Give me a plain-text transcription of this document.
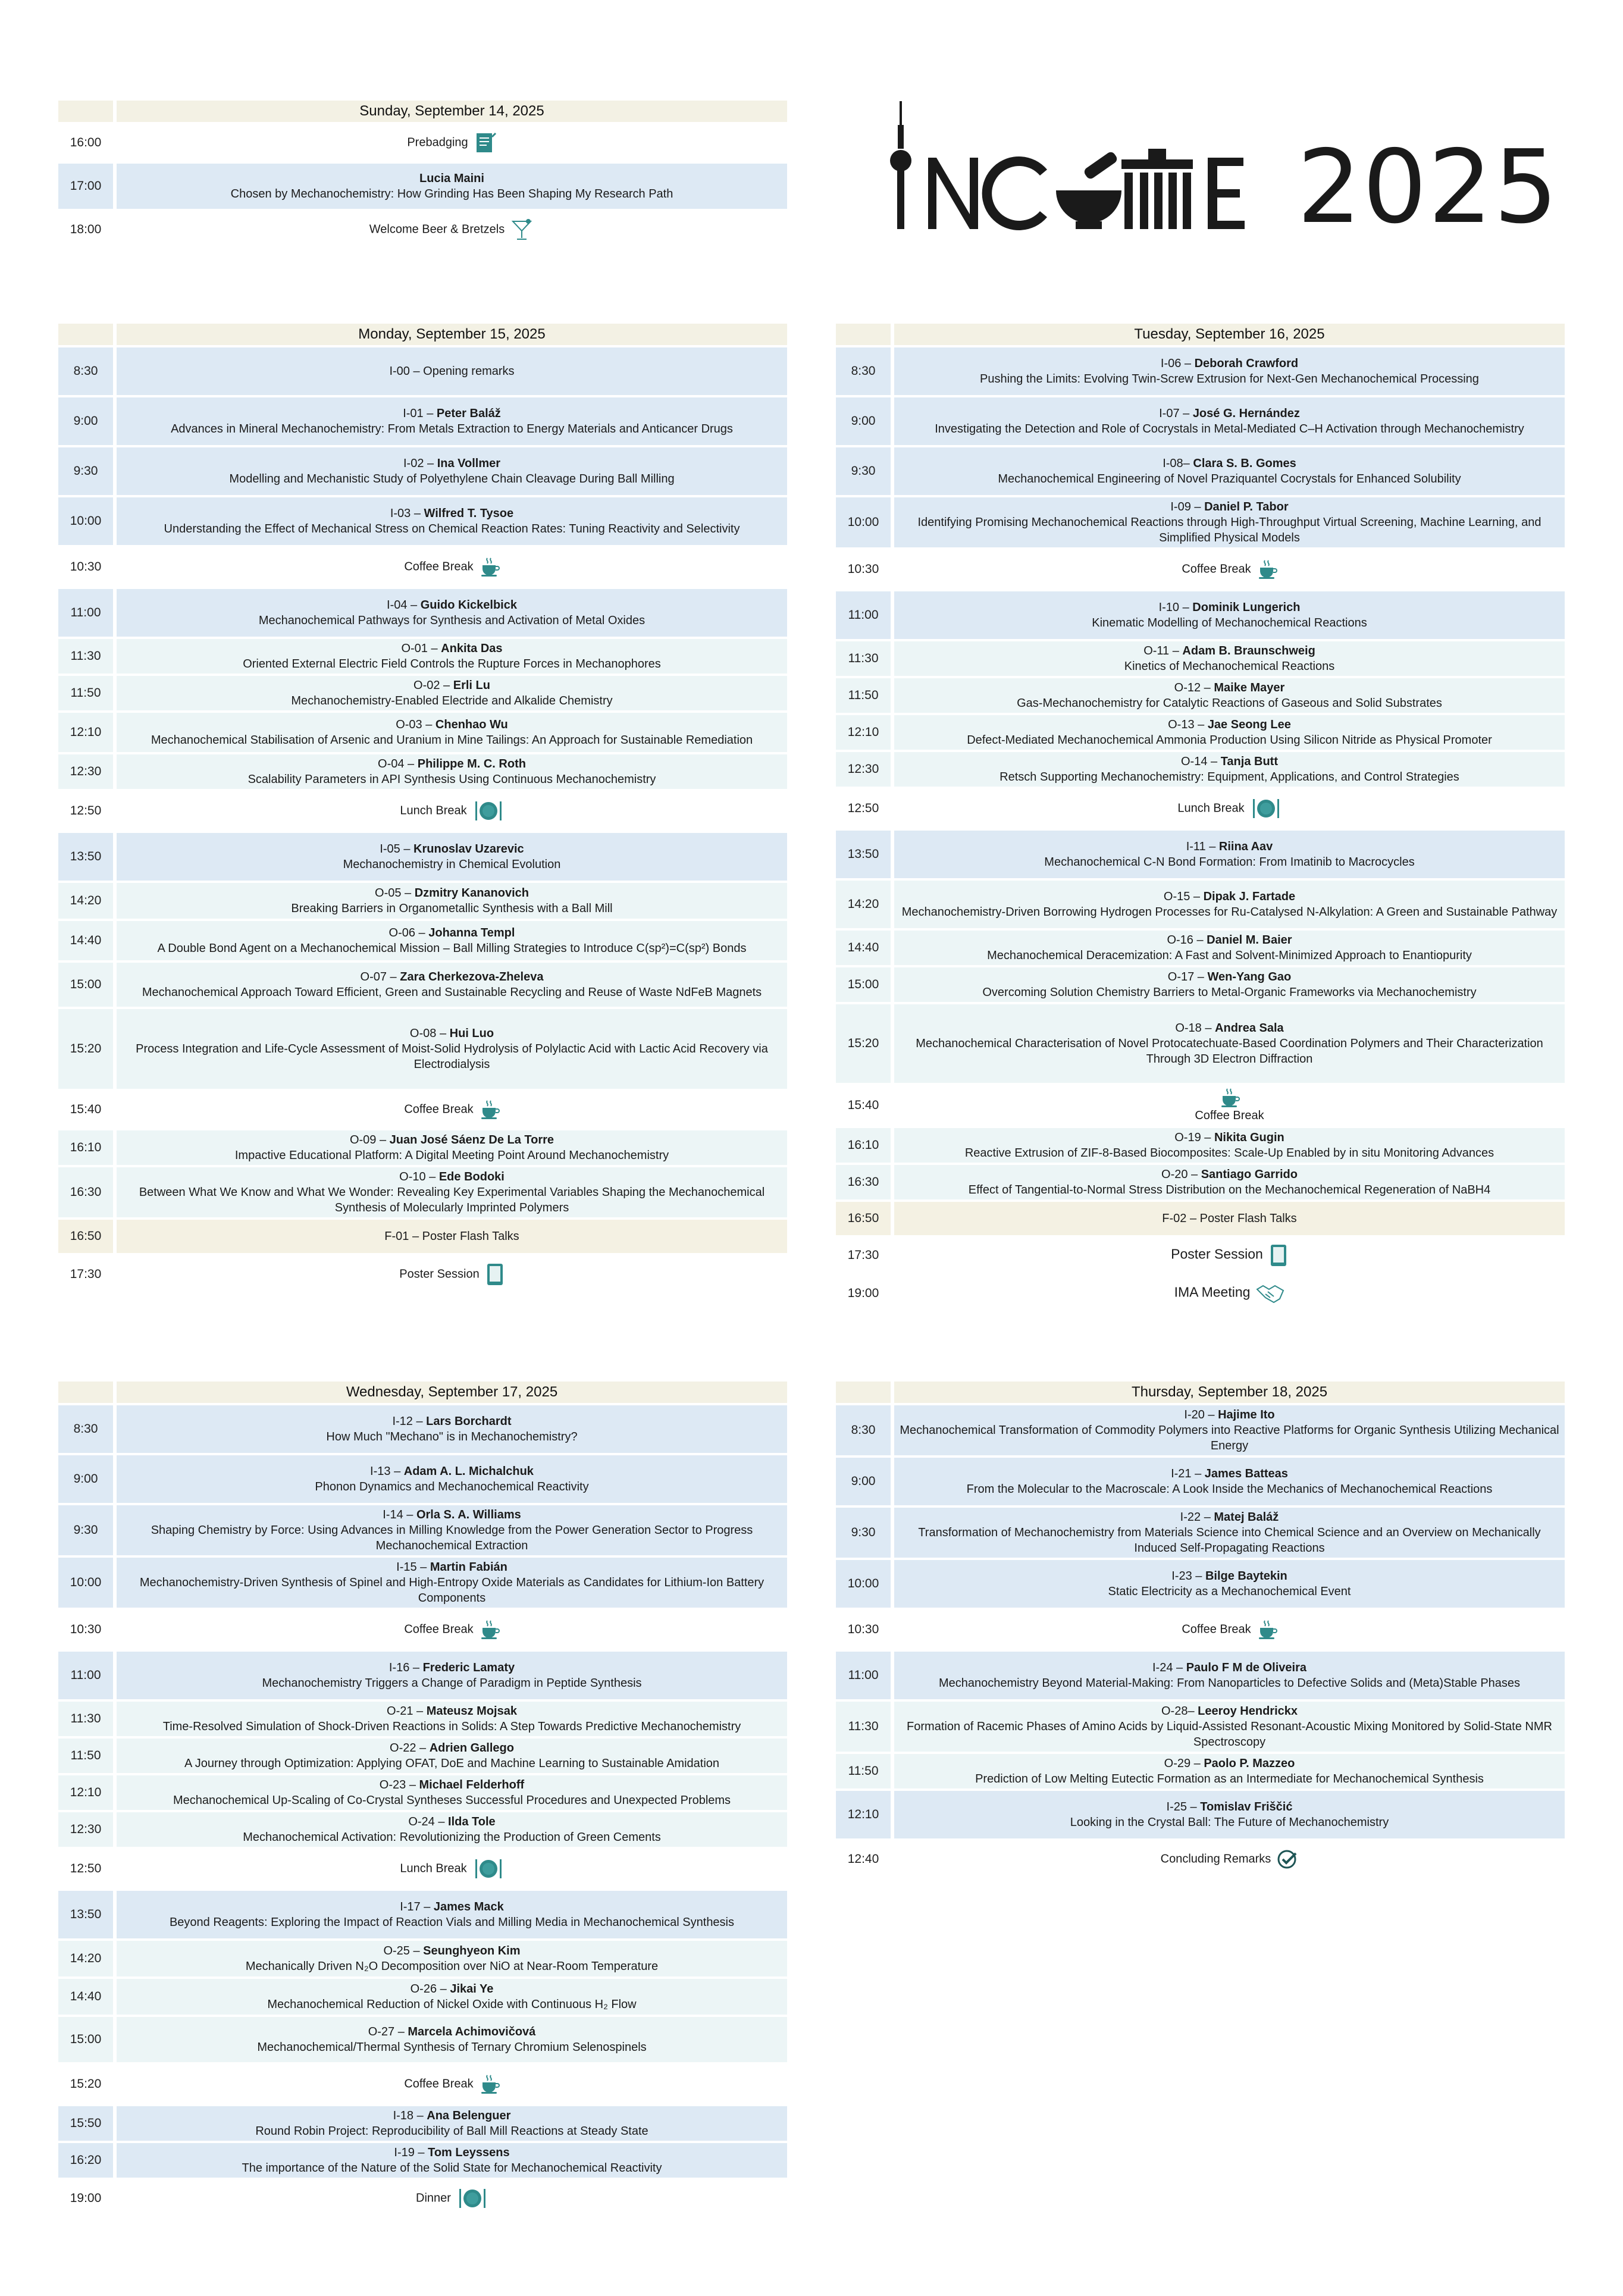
2025
	Sunday, September 14, 2025
16:00	Prebadging

17:00	Lucia Maini
Chosen by Mechanochemistry: How Grinding Has Been Shaping My Research Path

18:00	Welcome Beer & Bretzels
	Monday, September 15, 2025
8:30	I-00 – Opening remarks
9:00	I-01 – Peter Baláž
Advances in Mineral Mechanochemistry: From Metals Extraction to Energy Materials and Anticancer Drugs

9:30	I-02 – Ina Vollmer
Modelling and Mechanistic Study of Polyethylene Chain Cleavage During Ball Milling

10:00	I-03 – Wilfred T. Tysoe
Understanding the Effect of Mechanical Stress on Chemical Reaction Rates: Tuning Reactivity and Selectivity

10:30	Coffee Break

11:00	I-04 – Guido Kickelbick
Mechanochemical Pathways for Synthesis and Activation of Metal Oxides

11:30	O-01 – Ankita Das
Oriented External Electric Field Controls the Rupture Forces in Mechanophores

11:50	O-02 – Erli Lu
Mechanochemistry-Enabled Electride and Alkalide Chemistry

12:10	O-03 – Chenhao Wu
Mechanochemical Stabilisation of Arsenic and Uranium in Mine Tailings: An Approach for Sustainable Remediation

12:30	O-04 – Philippe M. C. Roth
Scalability Parameters in API Synthesis Using Continuous Mechanochemistry

12:50	Lunch Break

13:50	I-05 – Krunoslav Uzarevic
Mechanochemistry in Chemical Evolution

14:20	O-05 – Dzmitry Kananovich
Breaking Barriers in Organometallic Synthesis with a Ball Mill

14:40	O-06 – Johanna Templ
A Double Bond Agent on a Mechanochemical Mission – Ball Milling Strategies to Introduce C(sp²)=C(sp²) Bonds

15:00	O-07 – Zara Cherkezova-Zheleva
Mechanochemical Approach Toward Efficient, Green and Sustainable Recycling and Reuse of Waste NdFeB Magnets

15:20	O-08 – Hui Luo
Process Integration and Life-Cycle Assessment of Moist-Solid Hydrolysis of Polylactic Acid with Lactic Acid Recovery via Electrodialysis

15:40	Coffee Break

16:10	O-09 – Juan José Sáenz De La Torre
Impactive Educational Platform: A Digital Meeting Point Around Mechanochemistry

16:30	O-10 – Ede Bodoki
Between What We Know and What We Wonder: Revealing Key Experimental Variables Shaping the Mechanochemical Synthesis of Molecularly Imprinted Polymers

16:50	F-01 – Poster Flash Talks
17:30	Poster Session
	Tuesday, September 16, 2025
8:30	I-06 – Deborah Crawford
Pushing the Limits: Evolving Twin-Screw Extrusion for Next-Gen Mechanochemical Processing

9:00	I-07 – José G. Hernández
Investigating the Detection and Role of Cocrystals in Metal-Mediated C–H Activation through Mechanochemistry

9:30	I-08– Clara S. B. Gomes
Mechanochemical Engineering of Novel Praziquantel Cocrystals for Enhanced Solubility

10:00	I-09 – Daniel P. Tabor
Identifying Promising Mechanochemical Reactions through High-Throughput Virtual Screening, Machine Learning, and Simplified Physical Models

10:30	Coffee Break

11:00	I-10 – Dominik Lungerich
Kinematic Modelling of Mechanochemical Reactions

11:30	O-11 – Adam B. Braunschweig
Kinetics of Mechanochemical Reactions

11:50	O-12 – Maike Mayer
Gas-Mechanochemistry for Catalytic Reactions of Gaseous and Solid Substrates

12:10	O-13 – Jae Seong Lee
Defect-Mediated Mechanochemical Ammonia Production Using Silicon Nitride as Physical Promoter

12:30	O-14 – Tanja Butt
Retsch Supporting Mechanochemistry: Equipment, Applications, and Control Strategies

12:50	Lunch Break

13:50	I-11 – Riina Aav
Mechanochemical C-N Bond Formation: From Imatinib to Macrocycles

14:20	O-15 – Dipak J. Fartade
Mechanochemistry-Driven Borrowing Hydrogen Processes for Ru-Catalysed N-Alkylation: A Green and Sustainable Pathway

14:40	O-16 – Daniel M. Baier
Mechanochemical Deracemization: A Fast and Solvent-Minimized Approach to Enantiopurity

15:00	O-17 – Wen-Yang Gao
Overcoming Solution Chemistry Barriers to Metal-Organic Frameworks via Mechanochemistry

15:20	O-18 – Andrea Sala
Mechanochemical Characterisation of Novel Protocatechuate-Based Coordination Polymers and Their Characterization Through 3D Electron Diffraction

15:40	Coffee Break
16:10	O-19 – Nikita Gugin
Reactive Extrusion of ZIF-8-Based Biocomposites: Scale-Up Enabled by in situ Monitoring Advances

16:30	O-20 – Santiago Garrido
Effect of Tangential-to-Normal Stress Distribution on the Mechanochemical Regeneration of NaBH4

16:50	F-02 – Poster Flash Talks
17:30	Poster Session

19:00	IMA Meeting
	Wednesday, September 17, 2025
8:30	I-12 – Lars Borchardt
How Much "Mechano" is in Mechanochemistry?

9:00	I-13 – Adam A. L. Michalchuk
Phonon Dynamics and Mechanochemical Reactivity

9:30	I-14 – Orla S. A. Williams
Shaping Chemistry by Force: Using Advances in Milling Knowledge from the Power Generation Sector to Progress Mechanochemical Extraction

10:00	I-15 – Martin Fabián
Mechanochemistry-Driven Synthesis of Spinel and High-Entropy Oxide Materials as Candidates for Lithium-Ion Battery Components

10:30	Coffee Break

11:00	I-16 – Frederic Lamaty
Mechanochemistry Triggers a Change of Paradigm in Peptide Synthesis

11:30	O-21 – Mateusz Mojsak
Time-Resolved Simulation of Shock-Driven Reactions in Solids: A Step Towards Predictive Mechanochemistry

11:50	O-22 – Adrien Gallego
A Journey through Optimization: Applying OFAT, DoE and Machine Learning to Sustainable Amidation

12:10	O-23 – Michael Felderhoff
Mechanochemical Up-Scaling of Co-Crystal Syntheses Successful Procedures and Unexpected Problems

12:30	O-24 – Ilda Tole
Mechanochemical Activation: Revolutionizing the Production of Green Cements

12:50	Lunch Break

13:50	I-17 – James Mack
Beyond Reagents: Exploring the Impact of Reaction Vials and Milling Media in Mechanochemical Synthesis

14:20	O-25 – Seunghyeon Kim
Mechanically Driven N₂O Decomposition over NiO at Near-Room Temperature

14:40	O-26 – Jikai Ye
Mechanochemical Reduction of Nickel Oxide with Continuous H₂ Flow

15:00	O-27 – Marcela Achimovičová
Mechanochemical/Thermal Synthesis of Ternary Chromium Selenospinels

15:20	Coffee Break

15:50	I-18 – Ana Belenguer
Round Robin Project: Reproducibility of Ball Mill Reactions at Steady State

16:20	I-19 – Tom Leyssens
The importance of the Nature of the Solid State for Mechanochemical Reactivity

19:00	Dinner
	Thursday, September 18, 2025
8:30	I-20 – Hajime Ito
Mechanochemical Transformation of Commodity Polymers into Reactive Platforms for Organic Synthesis Utilizing Mechanical Energy

9:00	I-21 – James Batteas
From the Molecular to the Macroscale: A Look Inside the Mechanics of Mechanochemical Reactions

9:30	I-22 – Matej Baláž
Transformation of Mechanochemistry from Materials Science into Chemical Science and an Overview on Mechanically Induced Self-Propagating Reactions

10:00	I-23 – Bilge Baytekin
Static Electricity as a Mechanochemical Event

10:30	Coffee Break

11:00	I-24 – Paulo F M de Oliveira
Mechanochemistry Beyond Material-Making: From Nanoparticles to Defective Solids and (Meta)Stable Phases

11:30	O-28– Leeroy Hendrickx
Formation of Racemic Phases of Amino Acids by Liquid-Assisted Resonant-Acoustic Mixing Monitored by Solid-State NMR Spectroscopy

11:50	O-29 – Paolo P. Mazzeo
Prediction of Low Melting Eutectic Formation as an Intermediate for Mechanochemical Synthesis

12:10	I-25 – Tomislav Friščić
Looking in the Crystal Ball: The Future of Mechanochemistry

12:40	Concluding Remarks
